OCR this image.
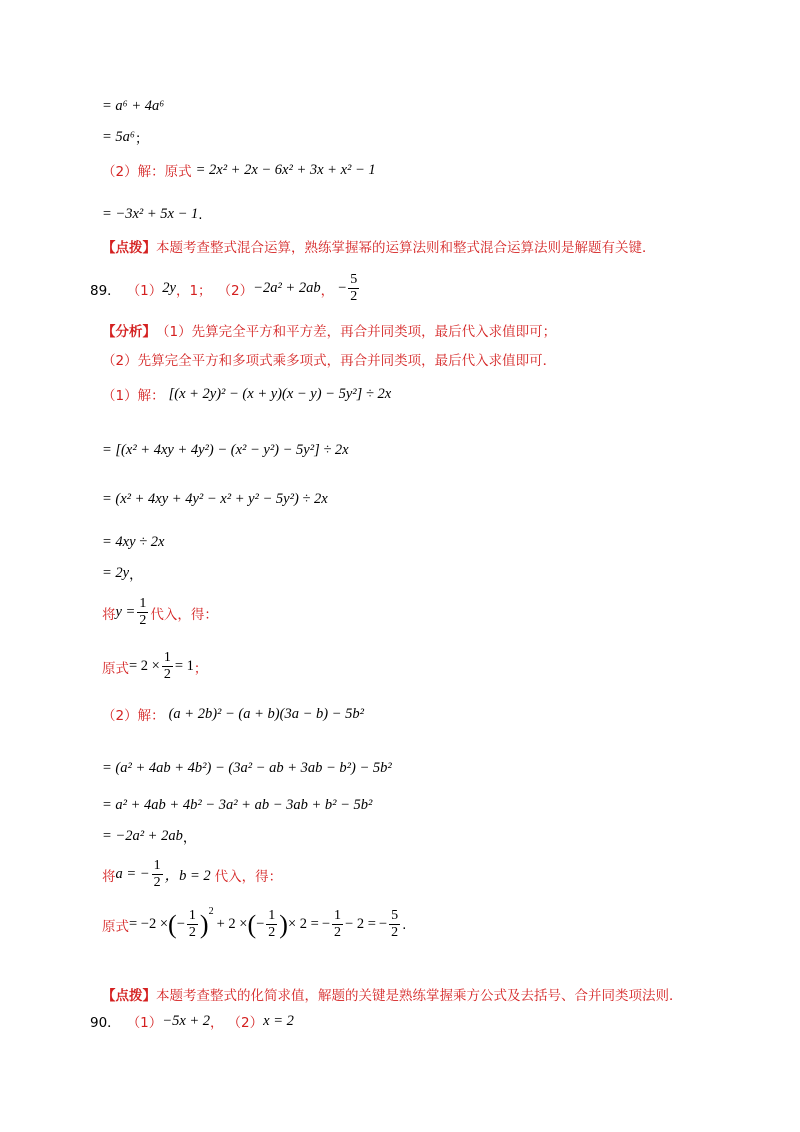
= a⁶ + 4a⁶
= 5a⁶ ；
（2）解：原式 = 2x² + 2x − 6x² + 3x + x² − 1
= −3x² + 5x − 1 .
【点拨】 本题考查整式混合运算，熟练掌握幂的运算法则和整式混合运算法则是解题有关键．
89． （1） 2y ，1； （2） −2a² + 2ab ， − $\frac{5}{2}$
【分析】 （1）先算完全平方和平方差，再合并同类项，最后代入求值即可；
（2）先算完全平方和多项式乘多项式，再合并同类项，最后代入求值即可．
（1）解： [(x + 2y)² − (x + y)(x − y) − 5y²] ÷ 2x
= [(x² + 4xy + 4y²) − (x² − y²) − 5y²] ÷ 2x
= (x² + 4xy + 4y² − x² + y² − 5y²) ÷ 2x
= 4xy ÷ 2x
= 2y ，
将 $y = \frac{1}{2}$ 代入，得：
原式 = $2 \times \frac{1}{2} = 1$ ；
（2）解： (a + 2b)² − (a + b)(3a − b) − 5b²
= (a² + 4ab + 4b²) − (3a² − ab + 3ab − b²) − 5b²
= a² + 4ab + 4b² − 3a² + ab − 3ab + b² − 5b²
= −2a² + 2ab ，
将 a = − $\frac{1}{2}$ ，b = 2 代入，得：
原式 = −2 × ( − $\frac{1}{2}$ ) 2
+ 2 × ( − $\frac{1}{2}$ ) × 2 = − $\frac{1}{2} - 2$ = − $\frac{5}{2}$ .
【点拨】 本题考查整式的化简求值，解题的关键是熟练掌握乘方公式及去括号、合并同类项法则．
90． （1） −5x + 2 ， （2） x = 2
